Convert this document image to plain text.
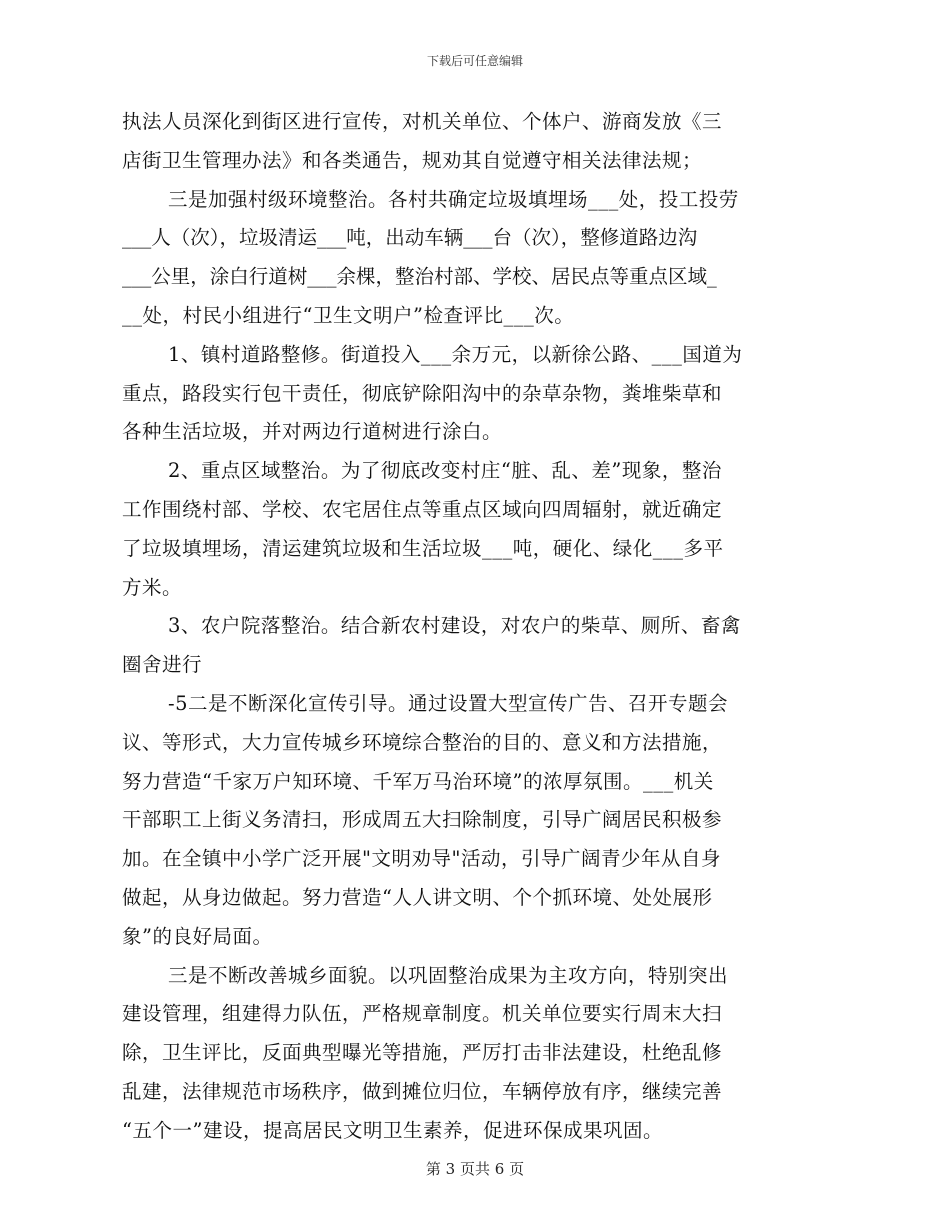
下载后可任意编辑
执法人员深化到街区进行宣传，对机关单位、个体户、游商发放《三
店街卫生管理办法》和各类通告，规劝其自觉遵守相关法律法规；
三是加强村级环境整治。各村共确定垃圾填埋场___处，投工投劳
___人（次），垃圾清运___吨，出动车辆___台（次），整修道路边沟
___公里，涂白行道树___余棵，整治村部、学校、居民点等重点区域_
__处，村民小组进行“卫生文明户”检查评比___次。
1、镇村道路整修。街道投入___余万元，以新徐公路、___国道为
重点，路段实行包干责任，彻底铲除阳沟中的杂草杂物，粪堆柴草和
各种生活垃圾，并对两边行道树进行涂白。
2、重点区域整治。为了彻底改变村庄“脏、乱、差”现象，整治
工作围绕村部、学校、农宅居住点等重点区域向四周辐射，就近确定
了垃圾填埋场，清运建筑垃圾和生活垃圾___吨，硬化、绿化___多平
方米。
3、农户院落整治。结合新农村建设，对农户的柴草、厕所、畜禽
圈舍进行
-5二是不断深化宣传引导。通过设置大型宣传广告、召开专题会
议、等形式，大力宣传城乡环境综合整治的目的、意义和方法措施，
努力营造“千家万户知环境、千军万马治环境”的浓厚氛围。___机关
干部职工上街义务清扫，形成周五大扫除制度，引导广阔居民积极参
加。在全镇中小学广泛开展"文明劝导"活动，引导广阔青少年从自身
做起，从身边做起。努力营造“人人讲文明、个个抓环境、处处展形
象”的良好局面。
三是不断改善城乡面貌。以巩固整治成果为主攻方向，特别突出
建设管理，组建得力队伍，严格规章制度。机关单位要实行周末大扫
除，卫生评比，反面典型曝光等措施，严厉打击非法建设，杜绝乱修
乱建，法律规范市场秩序，做到摊位归位，车辆停放有序，继续完善
“五个一”建设，提高居民文明卫生素养，促进环保成果巩固。
第 3 页共 6 页
